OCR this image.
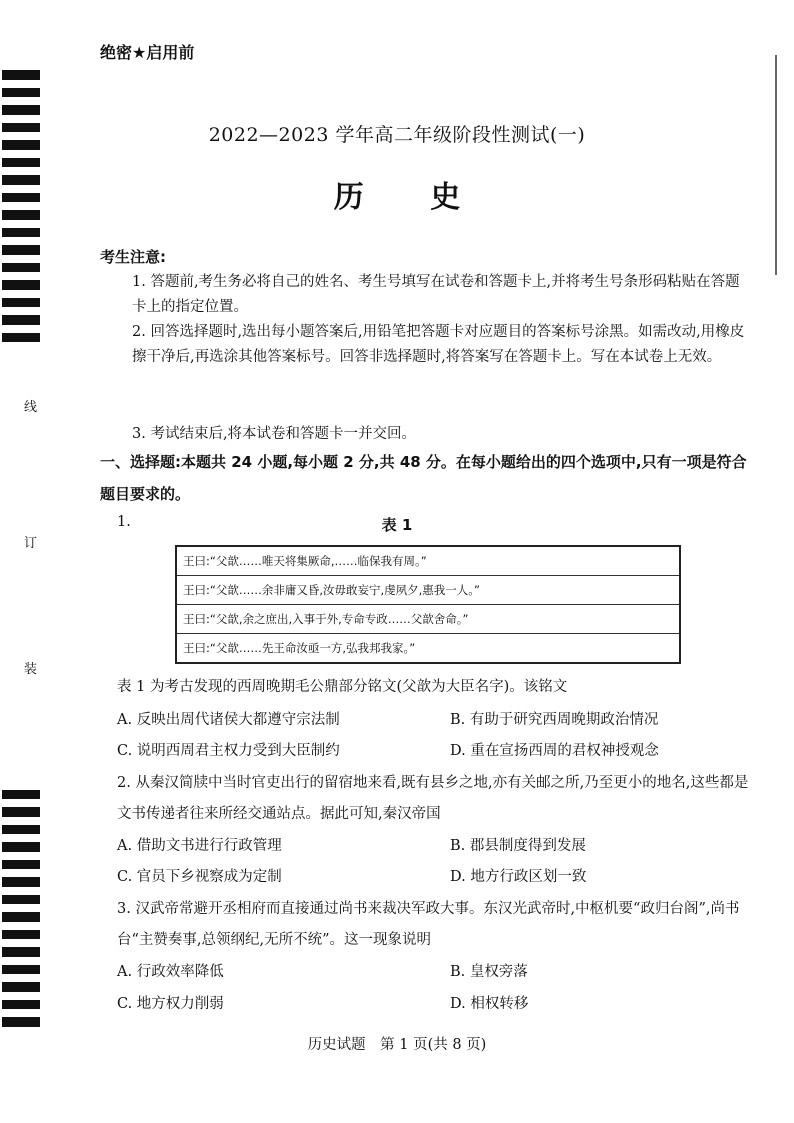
线
订
装
绝密★启用前
2022—2023 学年高二年级阶段性测试(一)
历 史
考生注意:
1. 答题前,考生务必将自己的姓名、考生号填写在试卷和答题卡上,并将考生号条形码粘贴在答题卡上的指定位置。
2. 回答选择题时,选出每小题答案后,用铅笔把答题卡对应题目的答案标号涂黑。如需改动,用橡皮擦干净后,再选涂其他答案标号。回答非选择题时,将答案写在答题卡上。写在本试卷上无效。
3. 考试结束后,将本试卷和答题卡一并交回。
一、选择题:本题共 24 小题,每小题 2 分,共 48 分。在每小题给出的四个选项中,只有一项是符合题目要求的。
1.	表 1
王曰:“父歆……唯天将集厥命,……临保我有周。”
王曰:“父歆……余非庸又昏,汝毋敢妄宁,虔夙夕,惠我一人。”
王曰:“父歆,余之庶出,入事于外,专命专政……父歆舍命。”
王曰:“父歆……先王命汝亟一方,弘我邦我家。”
表 1 为考古发现的西周晚期毛公鼎部分铭文(父歆为大臣名字)。该铭文
A. 反映出周代诸侯大都遵守宗法制	B. 有助于研究西周晚期政治情况
C. 说明西周君主权力受到大臣制约	D. 重在宣扬西周的君权神授观念
2. 从秦汉简牍中当时官吏出行的留宿地来看,既有县乡之地,亦有关邮之所,乃至更小的地名,这些都是文书传递者往来所经交通站点。据此可知,秦汉帝国
A. 借助文书进行行政管理	B. 郡县制度得到发展
C. 官员下乡视察成为定制	D. 地方行政区划一致
3. 汉武帝常避开丞相府而直接通过尚书来裁决军政大事。东汉光武帝时,中枢机要“政归台阁”,尚书台“主赞奏事,总领纲纪,无所不统”。这一现象说明
A. 行政效率降低	B. 皇权旁落
C. 地方权力削弱	D. 相权转移
历史试题　第 1 页(共 8 页)
